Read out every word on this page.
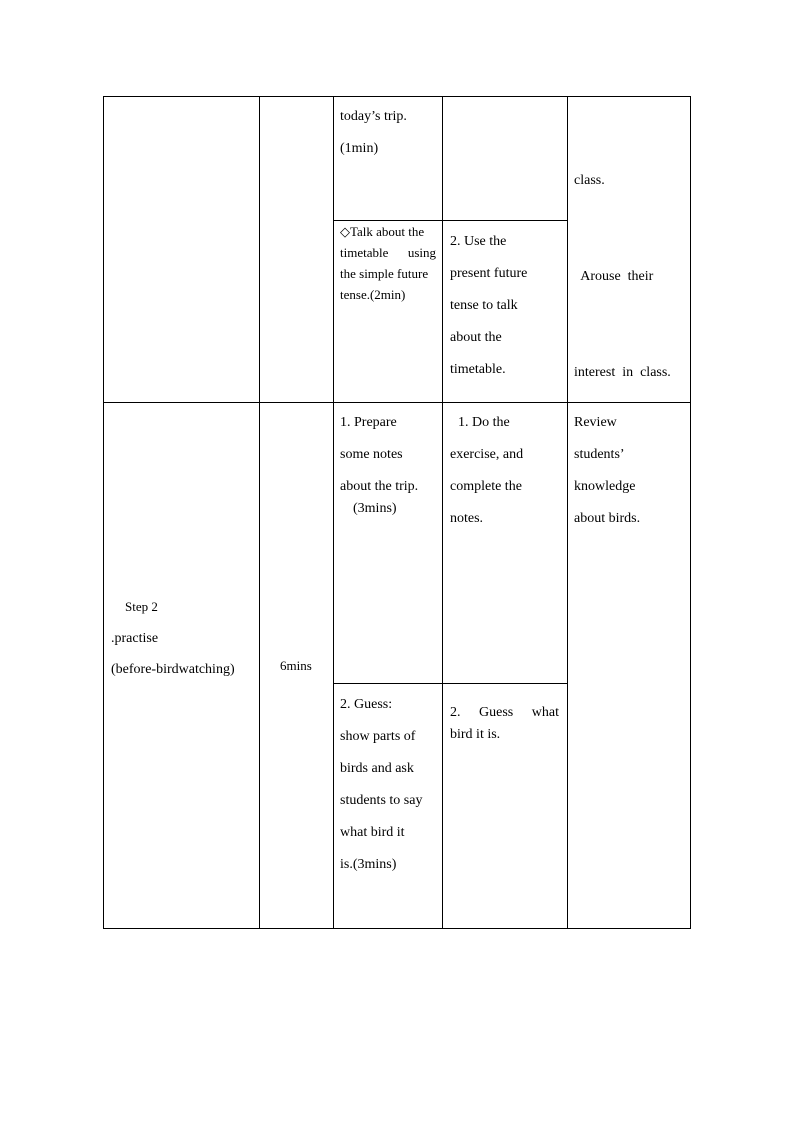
today’s trip.
(1min)
◇Talk about the
timetable using
the simple future
tense.(2min)
2. Use the
present future
tense to talk
about the
timetable.

class.

Arouse  their

interest  in  class.

Step 2
.practise
(before-birdwatching)	6mins
1. Prepare
some notes
about the trip.
(3mins)
1. Do the
exercise, and
complete the
notes.
Review
students’
knowledge
about birds.
2. Guess:
show parts of
birds and ask
students to say
what bird it
is.(3mins)
2. Guess what
bird it is.
